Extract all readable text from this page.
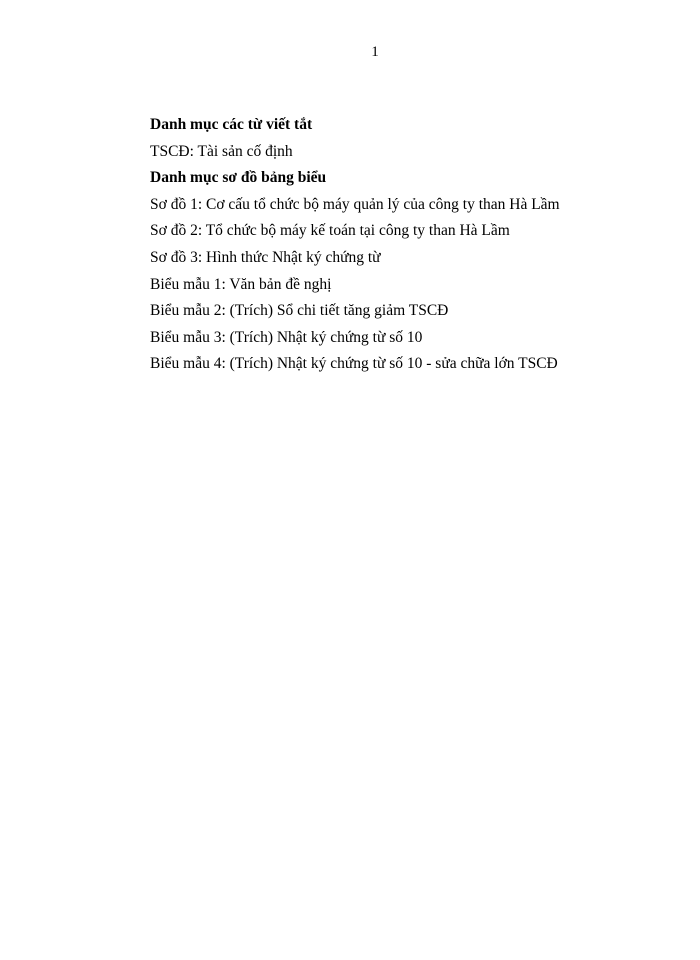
1
Danh mục các từ viết tắt
TSCĐ: Tài sản cố định
Danh mục sơ đồ bảng biểu
Sơ đồ 1: Cơ cấu tổ chức bộ máy quản lý của công ty than Hà Lầm
Sơ đồ 2: Tổ chức bộ máy kế toán tại công ty than Hà Lầm
Sơ đồ 3: Hình thức Nhật ký chứng từ
Biểu mẫu 1: Văn bản đề nghị
Biểu mẫu 2: (Trích) Sổ chi tiết tăng giảm TSCĐ
Biểu mẫu 3: (Trích) Nhật ký chứng từ số 10
Biểu mẫu 4: (Trích) Nhật ký chứng từ số 10 - sửa chữa lớn TSCĐ
